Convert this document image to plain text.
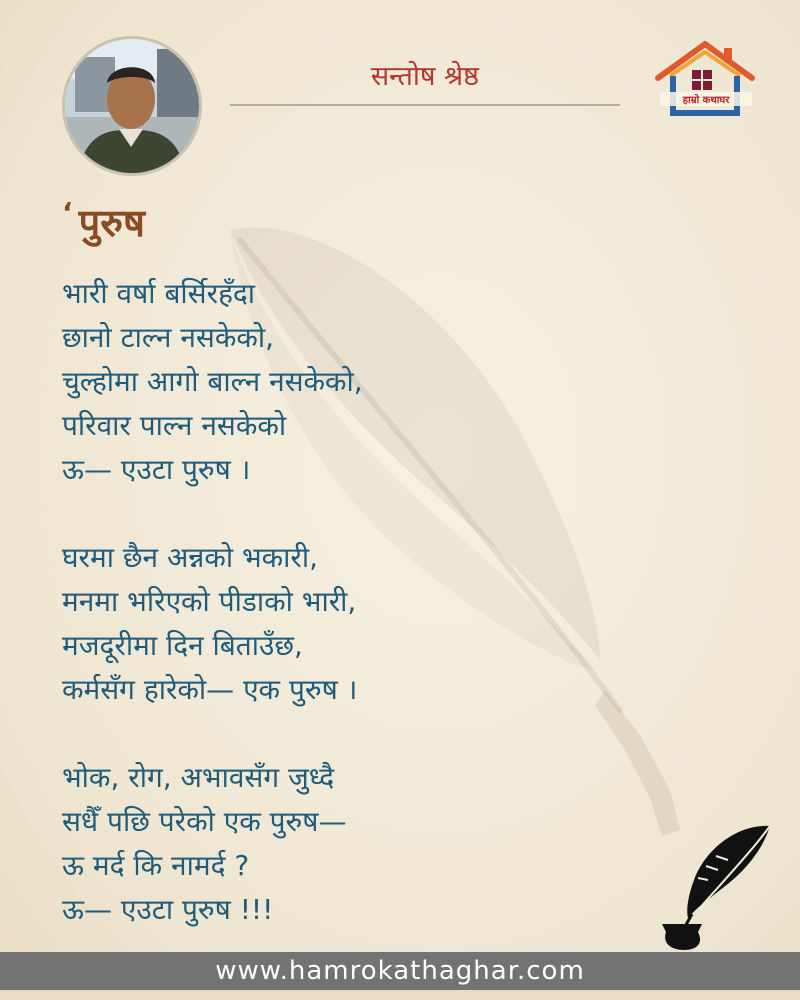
सन्तोष श्रेष्ठ
हाम्रो कथाघर
‘ पुरुष
भारी वर्षा बर्सिरहँदा
छानो टाल्न नसकेको,
चुल्होमा आगो बाल्न नसकेको,
परिवार पाल्न नसकेको
ऊ— एउटा पुरुष ।
घरमा छैन अन्नको भकारी,
मनमा भरिएको पीडाको भारी,
मजदूरीमा दिन बिताउँछ,
कर्मसँग हारेको— एक पुरुष ।
भोक, रोग, अभावसँग जुध्दै
सधैँ पछि परेको एक पुरुष—
ऊ मर्द कि नामर्द ?
ऊ— एउटा पुरुष !!!
www.hamrokathaghar.com
